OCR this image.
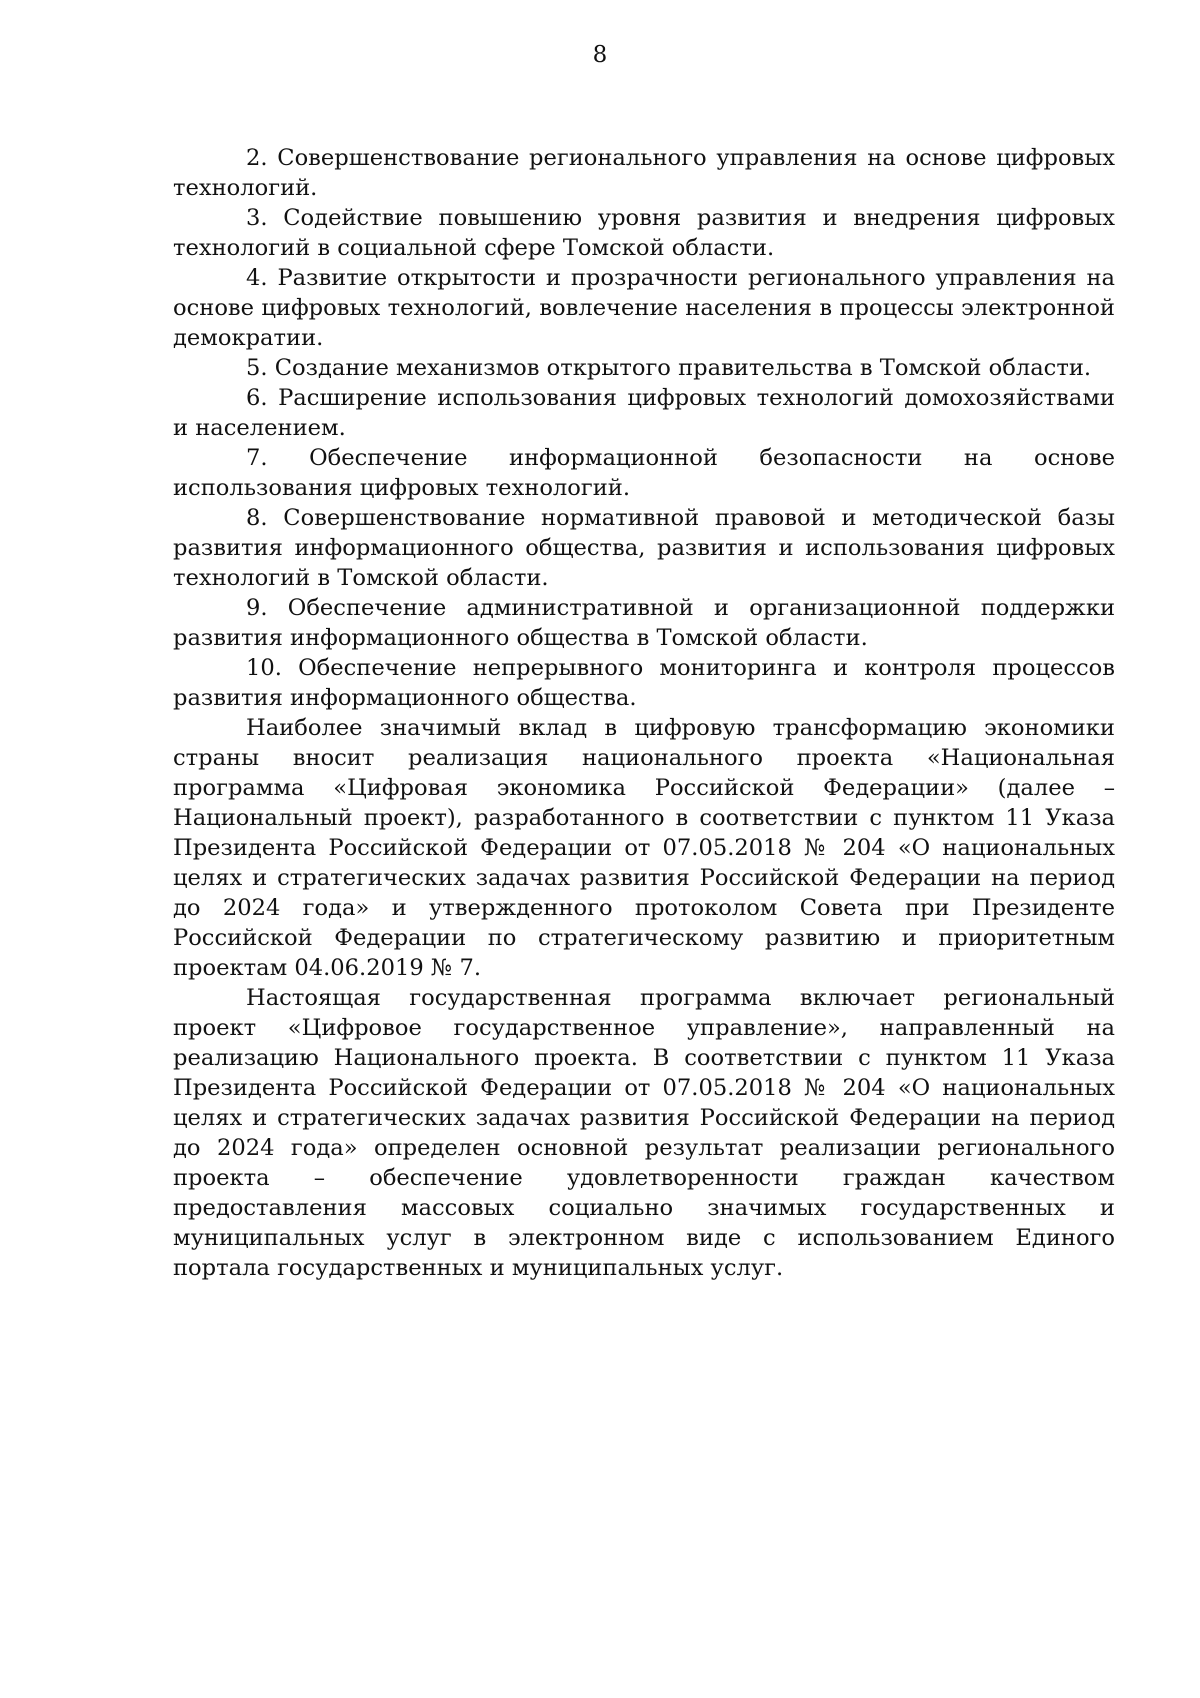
8

2. Совершенствование регионального управления на основе цифровых технологий.

3. Содействие повышению уровня развития и внедрения цифровых технологий в социальной сфере Томской области.

4. Развитие открытости и прозрачности регионального управления на основе цифровых технологий, вовлечение населения в процессы электронной демократии.

5. Создание механизмов открытого правительства в Томской области.

6. Расширение использования цифровых технологий домохозяйствами и населением.

7. Обеспечение информационной безопасности на основе использования цифровых технологий.

8. Совершенствование нормативной правовой и методической базы развития информационного общества, развития и использования цифровых технологий в Томской области.

9. Обеспечение административной и организационной поддержки развития информационного общества в Томской области.

10. Обеспечение непрерывного мониторинга и контроля процессов развития информационного общества.

Наиболее значимый вклад в цифровую трансформацию экономики страны вносит реализация национального проекта «Национальная программа «Цифровая экономика Российской Федерации» (далее – Национальный проект), разработанного в соответствии с пунктом 11 Указа Президента Российской Федерации от 07.05.2018 № 204 «О национальных целях и стратегических задачах развития Российской Федерации на период до 2024 года» и утвержденного протоколом Совета при Президенте Российской Федерации по стратегическому развитию и приоритетным проектам 04.06.2019 № 7.

Настоящая государственная программа включает региональный проект «Цифровое государственное управление», направленный на реализацию Национального проекта. В соответствии с пунктом 11 Указа Президента Российской Федерации от 07.05.2018 № 204 «О национальных целях и стратегических задачах развития Российской Федерации на период до 2024 года» определен основной результат реализации регионального проекта – обеспечение удовлетворенности граждан качеством предоставления массовых социально значимых государственных и муниципальных услуг в электронном виде с использованием Единого портала государственных и муниципальных услуг.
